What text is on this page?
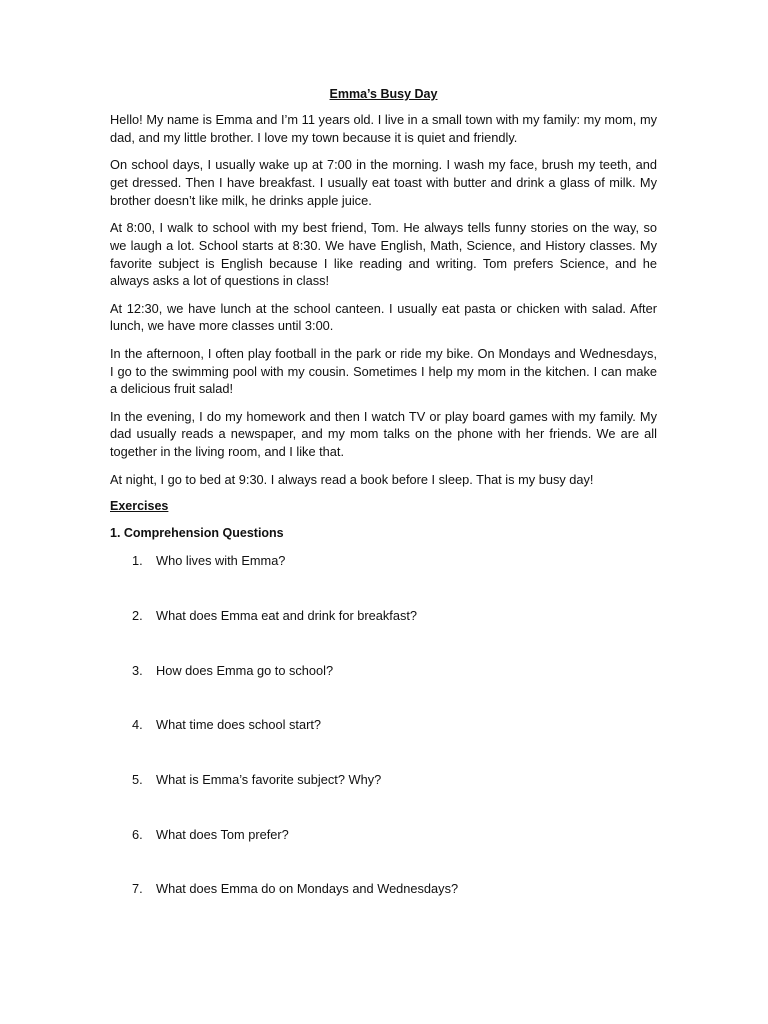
Emma’s Busy Day

Hello! My name is Emma and I’m 11 years old. I live in a small town with my family: my mom, my dad, and my little brother. I love my town because it is quiet and friendly.

On school days, I usually wake up at 7:00 in the morning. I wash my face, brush my teeth, and get dressed. Then I have breakfast. I usually eat toast with butter and drink a glass of milk. My brother doesn’t like milk, he drinks apple juice.

At 8:00, I walk to school with my best friend, Tom. He always tells funny stories on the way, so we laugh a lot. School starts at 8:30. We have English, Math, Science, and History classes. My favorite subject is English because I like reading and writing. Tom prefers Science, and he always asks a lot of questions in class!

At 12:30, we have lunch at the school canteen. I usually eat pasta or chicken with salad. After lunch, we have more classes until 3:00.

In the afternoon, I often play football in the park or ride my bike. On Mondays and Wednesdays, I go to the swimming pool with my cousin. Sometimes I help my mom in the kitchen. I can make a delicious fruit salad!

In the evening, I do my homework and then I watch TV or play board games with my family. My dad usually reads a newspaper, and my mom talks on the phone with her friends. We are all together in the living room, and I like that.

At night, I go to bed at 9:30. I always read a book before I sleep. That is my busy day!

Exercises
1. Comprehension Questions
1.	Who lives with Emma?
2.	What does Emma eat and drink for breakfast?
3.	How does Emma go to school?
4.	What time does school start?
5.	What is Emma’s favorite subject? Why?
6.	What does Tom prefer?
7.	What does Emma do on Mondays and Wednesdays?
